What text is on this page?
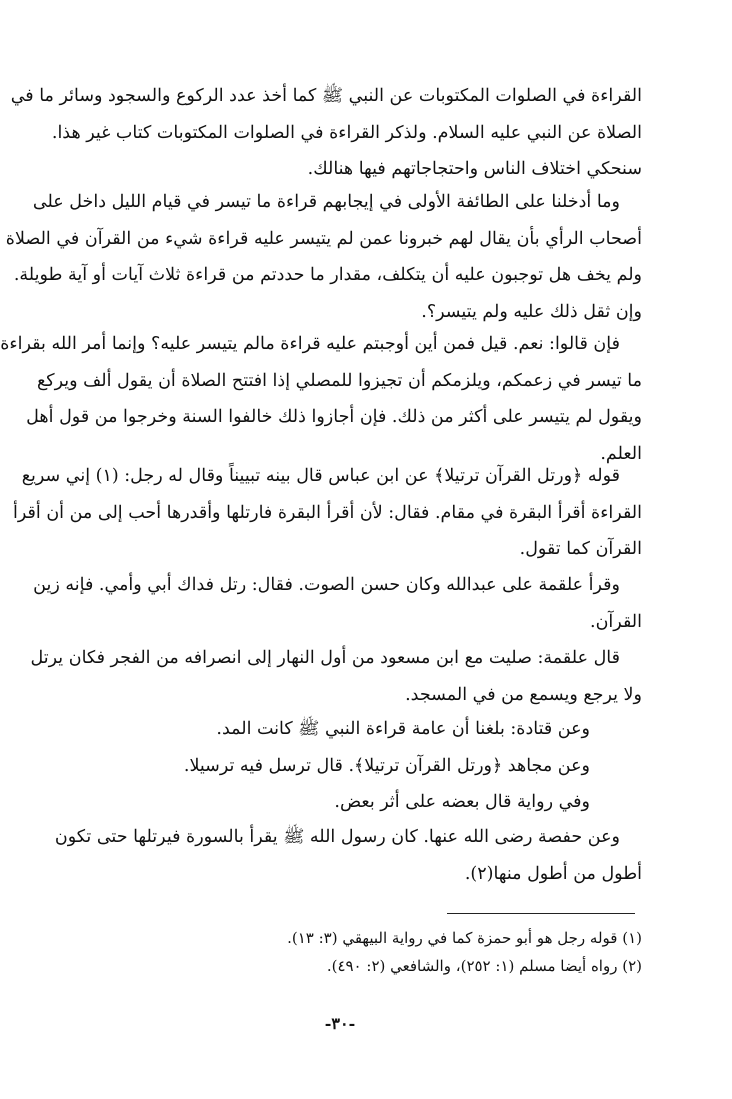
القراءة في الصلوات المكتوبات عن النبي ﷺ كما أخذ عدد الركوع والسجود وسائر ما في
الصلاة عن النبي عليه السلام. ولذكر القراءة في الصلوات المكتوبات كتاب غير هذا.
سنحكي اختلاف الناس واحتجاجاتهم فيها هنالك.
وما أدخلنا على الطائفة الأولى في إيجابهم قراءة ما تيسر في قيام الليل داخل على
أصحاب الرأي بأن يقال لهم خبرونا عمن لم يتيسر عليه قراءة شيء من القرآن في الصلاة
ولم يخف هل توجبون عليه أن يتكلف، مقدار ما حددتم من قراءة ثلاث آيات أو آية طويلة.
وإن ثقل ذلك عليه ولم يتيسر؟.
فإن قالوا: نعم. قيل فمن أين أوجبتم عليه قراءة مالم يتيسر عليه؟ وإنما أمر الله بقراءة
ما تيسر في زعمكم، ويلزمكم أن تجيزوا للمصلي إذا افتتح الصلاة أن يقول ألف ويركع
ويقول لم يتيسر على أكثر من ذلك. فإن أجازوا ذلك خالفوا السنة وخرجوا من قول أهل
العلم.
قوله ﴿ورتل القرآن ترتيلا﴾ عن ابن عباس قال بينه تبييناً وقال له رجل: (١) إني سريع
القراءة أقرأ البقرة في مقام. فقال: لأن أقرأ البقرة فارتلها وأقدرها أحب إلى من أن أقرأ
القرآن كما تقول.
وقرأ علقمة على عبدالله وكان حسن الصوت. فقال: رتل فداك أبي وأمي. فإنه زين
القرآن.
قال علقمة: صليت مع ابن مسعود من أول النهار إلى انصرافه من الفجر فكان يرتل
ولا يرجع ويسمع من في المسجد.
وعن قتادة: بلغنا أن عامة قراءة النبي ﷺ كانت المد.
وعن مجاهد ﴿ورتل القرآن ترتيلا﴾. قال ترسل فيه ترسيلا.
وفي رواية قال بعضه على أثر بعض.
وعن حفصة رضى الله عنها. كان رسول الله ﷺ يقرأ بالسورة فيرتلها حتى تكون
أطول من أطول منها(٢).
(١) قوله رجل هو أبو حمزة كما في رواية البيهقي (٣: ١٣).
(٢) رواه أيضا مسلم (١: ٢٥٢)، والشافعي (٢: ٤٩٠).
-٣٠-
